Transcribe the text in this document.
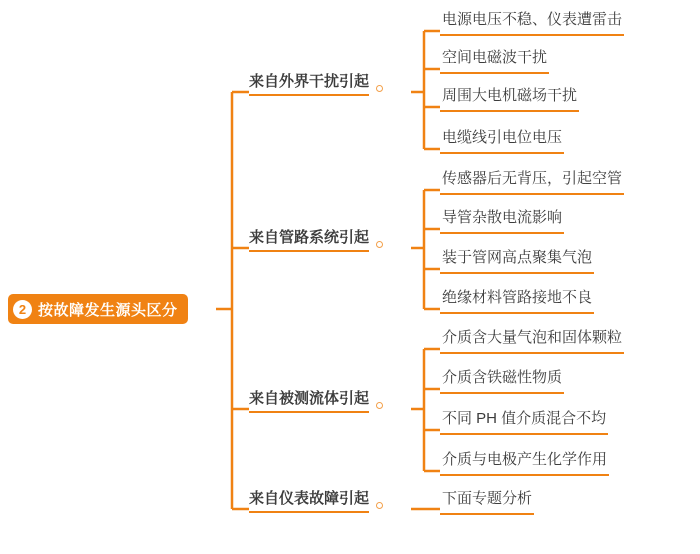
2 按故障发生源头区分
来自外界干扰引起
电源电压不稳、仪表遭雷击
空间电磁波干扰
周围大电机磁场干扰
电缆线引电位电压
来自管路系统引起
传感器后无背压，引起空管
导管杂散电流影响
装于管网高点聚集气泡
绝缘材料管路接地不良
来自被测流体引起
介质含大量气泡和固体颗粒
介质含铁磁性物质
不同 PH 值介质混合不均
介质与电极产生化学作用
来自仪表故障引起	下面专题分析
